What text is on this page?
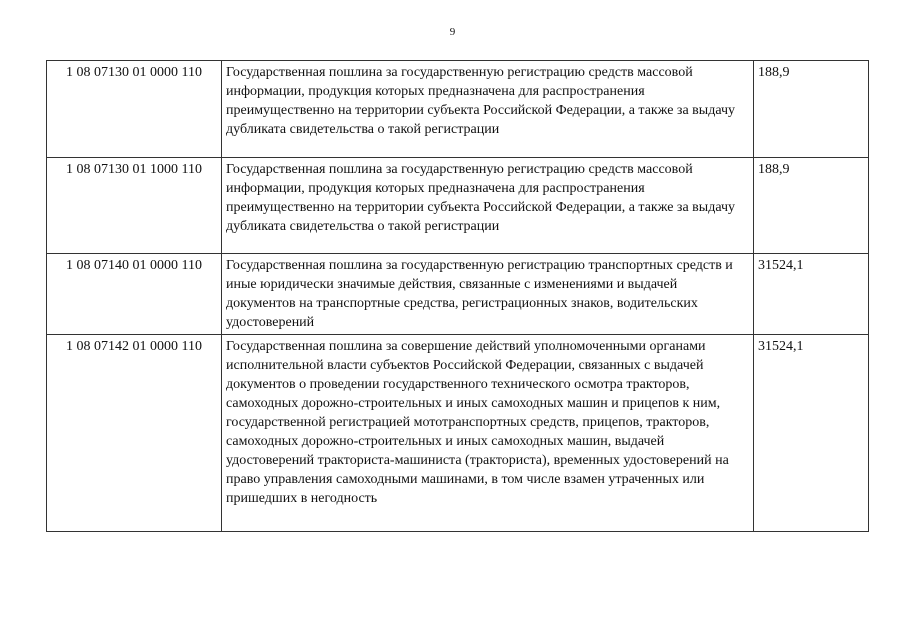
9
1 08 07130 01 0000 110	Государственная пошлина за государственную регистрацию средств массовой информации, продукция которых предназначена для распространения преимущественно на территории субъекта Российской Федерации, а также за выдачу дубликата свидетельства о такой регистрации	188,9
1 08 07130 01 1000 110	Государственная пошлина за государственную регистрацию средств массовой информации, продукция которых предназначена для распространения преимущественно на территории субъекта Российской Федерации, а также за выдачу дубликата свидетельства о такой регистрации	188,9
1 08 07140 01 0000 110	Государственная пошлина за государственную регистрацию транспортных средств и иные юридически значимые действия, связанные с изменениями и выдачей документов на транспортные средства, регистрационных знаков, водительских удостоверений	31524,1
1 08 07142 01 0000 110	Государственная пошлина за совершение действий уполномоченными органами исполнительной власти субъектов Российской Федерации, связанных с выдачей документов о проведении государственного технического осмотра тракторов, самоходных дорожно-строительных и иных самоходных машин и прицепов к ним, государственной регистрацией мототранспортных средств, прицепов, тракторов, самоходных дорожно-строительных и иных самоходных машин, выдачей удостоверений тракториста-машиниста (тракториста), временных удостоверений на право управления самоходными машинами, в том числе взамен утраченных или пришедших в негодность	31524,1
